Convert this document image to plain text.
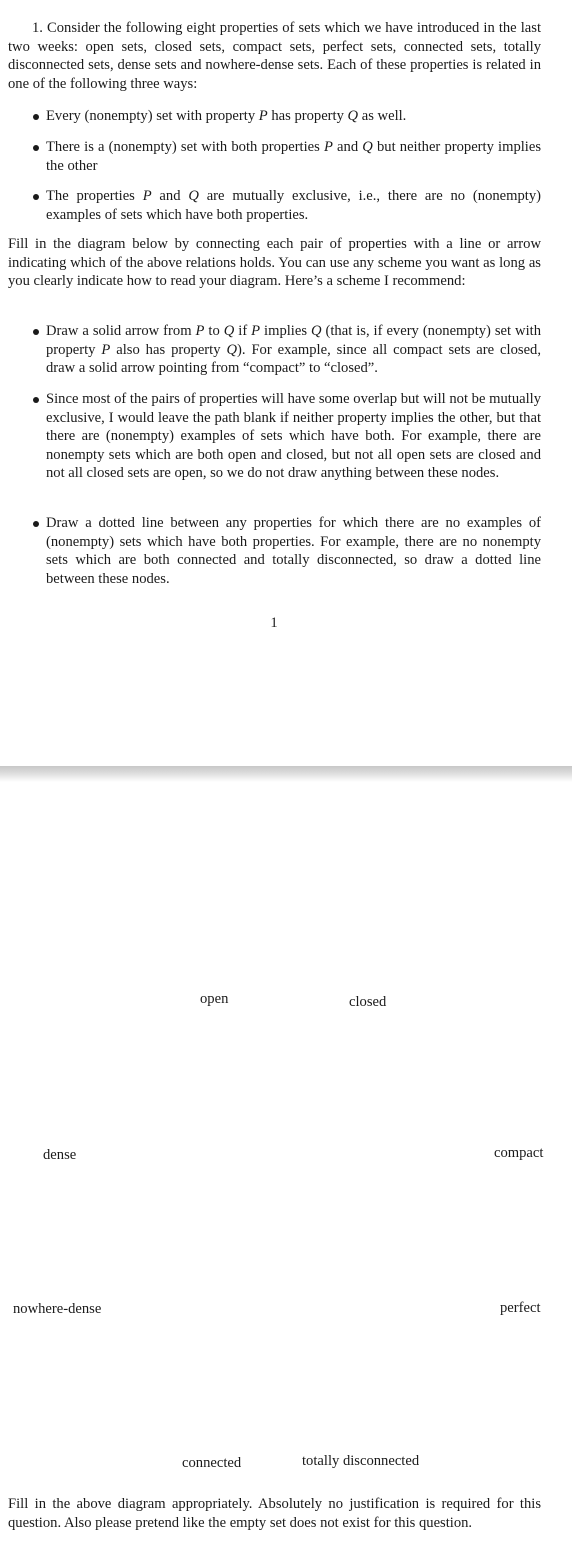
1. Consider the following eight properties of sets which we have introduced in the last two weeks: open sets, closed sets, compact sets, perfect sets, connected sets, totally disconnected sets, dense sets and nowhere-dense sets. Each of these properties is related in one of the following three ways:

Every (nonempty) set with property P has property Q as well.

There is a (nonempty) set with both properties P and Q but neither property implies the other

The properties P and Q are mutually exclusive, i.e., there are no (nonempty) examples of sets which have both properties.

Fill in the diagram below by connecting each pair of properties with a line or arrow indicating which of the above relations holds. You can use any scheme you want as long as you clearly indicate how to read your diagram. Here’s a scheme I recommend:

Draw a solid arrow from P to Q if P implies Q (that is, if every (nonempty) set with property P also has property Q). For example, since all compact sets are closed, draw a solid arrow pointing from “compact” to “closed”.

Since most of the pairs of properties will have some overlap but will not be mutually exclusive, I would leave the path blank if neither property implies the other, but that there are (nonempty) examples of sets which have both. For example, there are nonempty sets which are both open and closed, but not all open sets are closed and not all closed sets are open, so we do not draw anything between these nodes.

Draw a dotted line between any properties for which there are no examples of (nonempty) sets which have both properties. For example, there are no nonempty sets which are both connected and totally disconnected, so draw a dotted line between these nodes.

1
open	closed
dense	compact
nowhere-dense	perfect
connected	totally disconnected

Fill in the above diagram appropriately. Absolutely no justification is required for this question. Also please pretend like the empty set does not exist for this question.
